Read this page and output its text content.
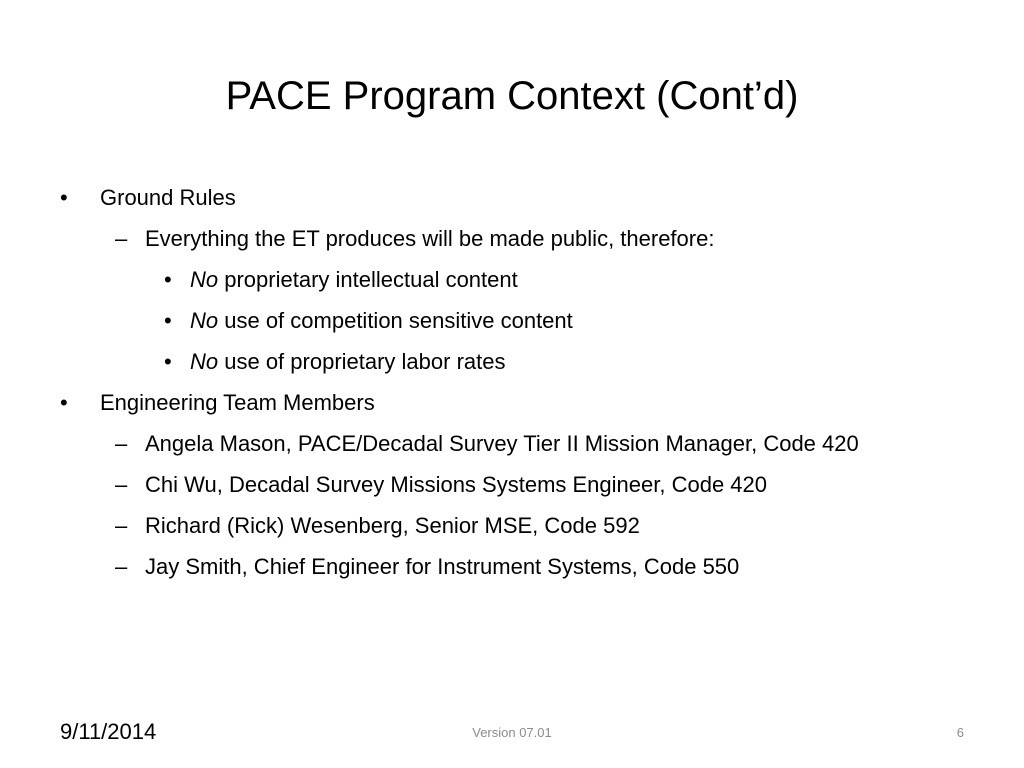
PACE Program Context (Cont’d)
• Ground Rules
– Everything the ET produces will be made public, therefore:
• No proprietary intellectual content
• No use of competition sensitive content
• No use of proprietary labor rates
• Engineering Team Members
– Angela Mason, PACE/Decadal Survey Tier II Mission Manager, Code 420
– Chi Wu, Decadal Survey Missions Systems Engineer, Code 420
– Richard (Rick) Wesenberg, Senior MSE, Code 592
– Jay Smith, Chief Engineer for Instrument Systems, Code 550
9/11/2014	Version 07.01	6
